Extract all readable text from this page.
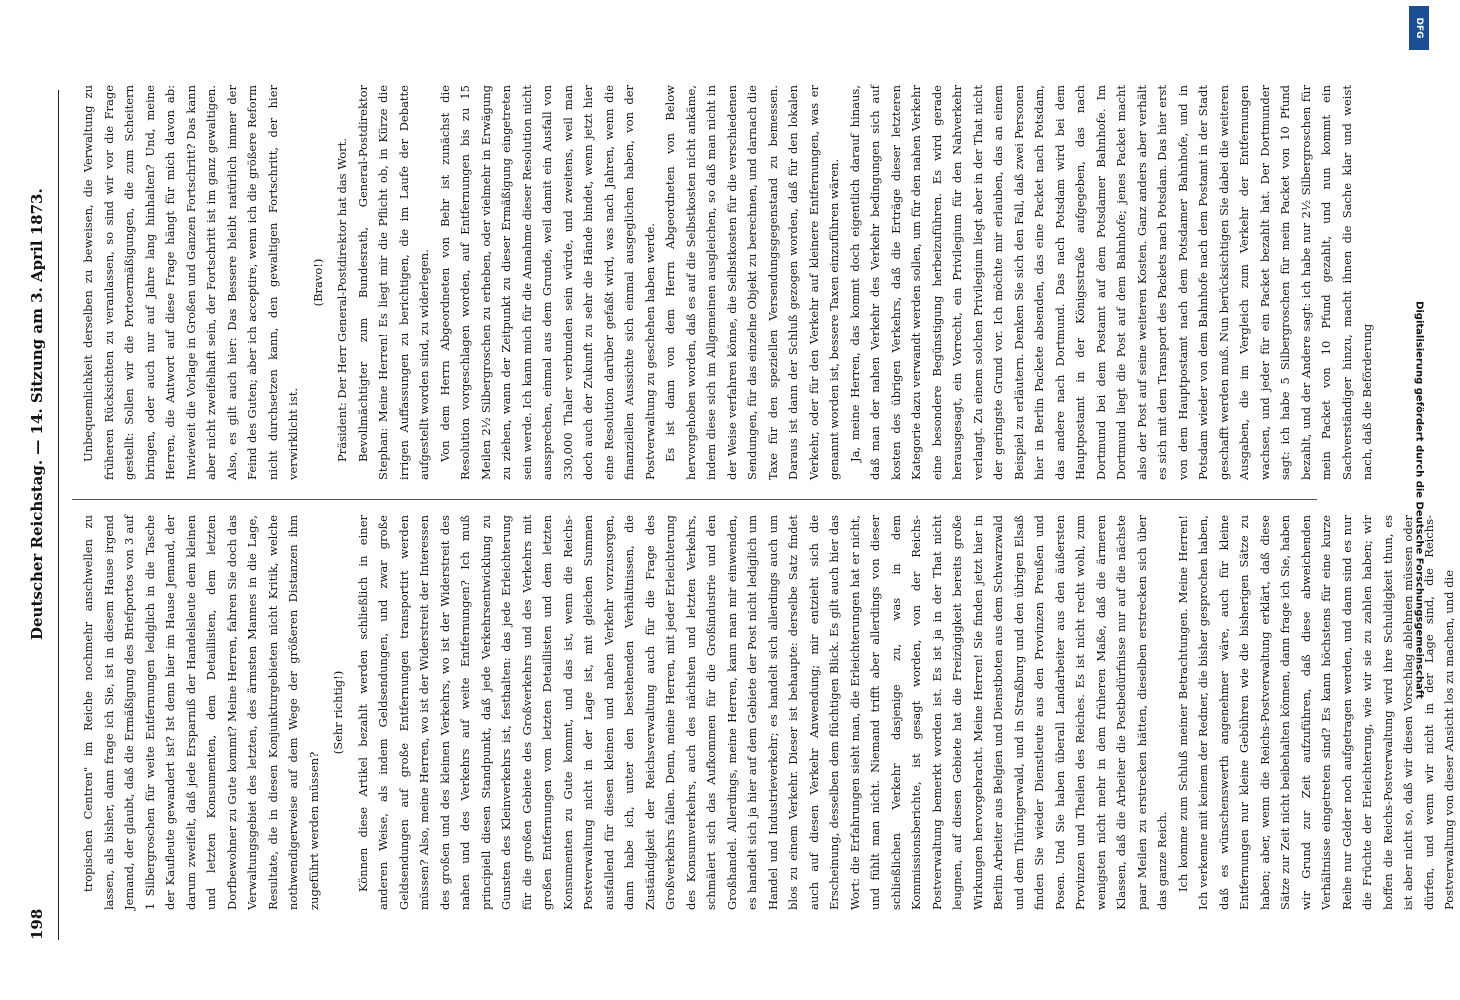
198
Deutscher Reichstag. — 14. Sitzung am 3. April 1873.

tropischen Centren" im Reiche nochmehr anschwellen zu lassen, als bisher, dann frage ich Sie, ist in diesem Hause irgend Jemand, der glaubt, daß die Ermäßigung des Briefportos von 3 auf 1 Silbergroschen für weite Entfernungen lediglich in die Tasche der Kaufleute gewandert ist? Ist denn hier im Hause Jemand, der darum zweifelt, daß jede Ersparniß der Handelsleute dem kleinen und letzten Konsumenten, dem Detaillisten, dem letzten Dorfbewohner zu Gute kommt? Meine Herren, fahren Sie doch das Verwaltungsgebiet des letzten, des ärmsten Mannes in die Lage, Resultate, die in diesen Konjunkturgebieten nicht Kritik, welche nothwendigerweise auf dem Wege der größeren Distanzen ihm zugeführt werden müssen?

(Sehr richtig!) Können diese Artikel bezahlt werden schließlich in einer anderen Weise, als indem Geldsendungen, und zwar große Geldsendungen auf große Entfernungen transportirt werden müssen? Also, meine Herren, wo ist der Widerstreit der Interessen des großen und des kleinen Verkehrs, wo ist der Widerstreit des nahen und des Verkehrs auf weite Entfernungen? Ich muß principiell diesen Standpunkt, daß jede Verkehrsentwicklung zu Gunsten des Kleinverkehrs ist, festhalten: das jede Erleichterung für die großen Gebiete des Großverkehrs und des Verkehrs mit großen Entfernungen vom letzten Detaillisten und dem letzten Konsumenten zu Gute kommt, und das ist, wenn die Reichs-Postverwaltung nicht in der Lage ist, mit gleichen Summen ausfallend für diesen kleinen und nahen Verkehr vorzusorgen, dann habe ich, unter den bestehenden Verhältnissen, die Zuständigkeit der Reichsverwaltung auch für die Frage des Großverkehrs fallen. Denn, meine Herren, mit jeder Erleichterung des Konsumverkehrs, auch des nächsten und letzten Verkehrs, schmälert sich das Aufkommen für die Großindustrie und den Großhandel. Allerdings, meine Herren, kann man mir einwenden, es handelt sich ja hier auf dem Gebiete der Post nicht lediglich um Handel und Industrieverkehr; es handelt sich allerdings auch um blos zu einem Verkehr. Dieser ist behaupte: derselbe Satz findet auch auf diesen Verkehr Anwendung; mir entzieht sich die Erscheinung, desselben dem flüchtigen Blick. Es gilt auch hier das Wort: die Erfahrungen sieht man, die Erleichterungen hat er nicht, und fühlt man nicht. Niemand trifft aber allerdings von dieser schließlichen Verkehr dasjenige zu, was in dem Kommissionsberichte, ist gesagt worden, von der Reichs-Postverwaltung bemerkt worden ist. Es ist ja in der That nicht leugnen, auf diesen Gebiete hat die Freizügigkeit bereits große Wirkungen hervorgebracht. Meine Herren! Sie finden jetzt hier in Berlin Arbeiter aus Belgien und Dienstboten aus dem Schwarzwald und dem Thüringerwald, und in Straßburg und den übrigen Elsaß finden Sie wieder Dienstleute aus den Provinzen Preußen und Posen. Und Sie haben überall Landarbeiter aus den äußersten Provinzen und Theilen des Reiches. Es ist nicht recht wohl, zum wenigsten nicht mehr in dem früheren Maße, daß die ärmeren Klassen, daß die Arbeiter die Postbedürfnisse nur auf die nächste paar Meilen zu erstrecken hätten, dieselben erstrecken sich über das ganze Reich. Ich komme zum Schluß meiner Betrachtungen. Meine Herren! Ich verkenne mit keinem der Redner, die bisher gesprochen haben, daß es wünschenswerth angenehmer wäre, auch für kleine Entfernungen nur kleine Gebühren wie die bisherigen Sätze zu haben; aber, wenn die Reichs-Postverwaltung erklärt, daß diese Sätze zur Zeit nicht beibehalten können, dann frage ich Sie, haben wir Grund zur Zeit aufzuführen, daß diese abweichenden Verhältnisse eingetreten sind? Es kann höchstens für eine kurze Reihe nur Gelder noch aufgetragen werden, und dann sind es nur die Früchte der Erleichterung, wie wir sie zu zahlen haben; wir hoffen die Reichs-Postverwaltung wird ihre Schuldigkeit thun, es ist aber nicht so, daß wir diesen Vorschlag ablehnen müssen oder dürfen, und wenn wir nicht in der Lage sind, die Reichs-Postverwaltung von dieser Ansicht los zu machen, und die

Unbequemlichkeit derselben zu beweisen, die Verwaltung zu früheren Rücksichten zu veranlassen, so sind wir vor die Frage gestellt: Sollen wir die Portoermäßigungen, die zum Scheitern bringen, oder auch nur auf Jahre lang hinhalten? Und, meine Herren, die Antwort auf diese Frage hängt für mich davon ab: Inwieweit die Vorlage in Großen und Ganzen Fortschritt? Das kann aber nicht zweifelhaft sein, der Fortschritt ist im ganz gewaltigen. Also, es gilt auch hier: Das Bessere bleibt natürlich immer der Feind des Guten; aber ich acceptire, wenn ich die größere Reform nicht durchsetzen kann, den gewaltigen Fortschritt, der hier verwirklicht ist.

(Bravo!) Präsident: Der Herr General-Postdirektor hat das Wort. Bevollmächtigter zum Bundesrath, General-Postdirektor Stephan: Meine Herren! Es liegt mir die Pflicht ob, in Kürze die irrigen Auffassungen zu berichtigen, die im Laufe der Debatte aufgestellt worden sind, zu widerlegen. Von dem Herrn Abgeordneten von Behr ist zunächst die Resolution vorgeschlagen worden, auf Entfernungen bis zu 15 Meilen 2½ Silbergroschen zu erheben, oder vielmehr in Erwägung zu ziehen, wann der Zeitpunkt zu dieser Ermäßigung eingetreten sein werde. Ich kann mich für die Annahme dieser Resolution nicht aussprechen, einmal aus dem Grunde, weil damit ein Ausfall von 330,000 Thaler verbunden sein würde, und zweitens, weil man doch auch der Zukunft zu sehr die Hände bindet, wenn jetzt hier eine Resolution darüber gefaßt wird, was nach Jahren, wenn die finanziellen Aussichte sich einmal ausgeglichen haben, von der Postverwaltung zu geschehen haben werde. Es ist dann von dem Herrn Abgeordneten von Below hervorgehoben worden, daß es auf die Selbstkosten nicht ankäme, indem diese sich im Allgemeinen ausgleichen, so daß man nicht in der Weise verfahren könne, die Selbstkosten für die verschiedenen Sendungen, für das einzelne Objekt zu berechnen, und darnach die Taxe für den speziellen Versendungsgegenstand zu bemessen. Daraus ist dann der Schluß gezogen worden, daß für den lokalen Verkehr, oder für den Verkehr auf kleinere Entfernungen, was er genannt worden ist, bessere Taxen einzuführen wären. Ja, meine Herren, das kommt doch eigentlich darauf hinaus, daß man der nahen Verkehr des Verkehr bedingungen sich auf kosten des übrigen Verkehrs, daß die Erträge dieser letzteren Kategorie dazu verwandt werden sollen, um für den nahen Verkehr eine besondere Begünstigung herbeizuführen. Es wird gerade herausgesagt, ein Vorrecht, ein Privilegium für den Nahverkehr verlangt. Zu einem solchen Privilegium liegt aber in der That nicht der geringste Grund vor. Ich möchte mir erlauben, das an einem Beispiel zu erläutern. Denken Sie sich den Fall, daß zwei Personen hier in Berlin Packete absenden, das eine Packet nach Potsdam, das andere nach Dortmund. Das nach Potsdam wird bei dem Hauptpostamt in der Königsstraße aufgegeben, das nach Dortmund bei dem Postamt auf dem Potsdamer Bahnhofe. Im Dortmund liegt die Post auf dem Bahnhofe; jenes Packet macht also der Post auf seine weiteren Kosten. Ganz anders aber verhält es sich mit dem Transport des Packets nach Potsdam. Das hier erst von dem Hauptpostamt nach dem Potsdamer Bahnhofe, und in Potsdam wieder von dem Bahnhofe nach dem Postamt in der Stadt geschafft werden muß. Nun berücksichtigen Sie dabei die weiteren Ausgaben, die im Vergleich zum Verkehr der Entfernungen wachsen, und jeder für ein Packet bezahlt hat. Der Dortmunder sagt: ich habe 5 Silbergroschen für mein Packet von 10 Pfund bezahlt, und der Andere sagt: ich habe nur 2½ Silbergroschen für mein Packet von 10 Pfund gezahlt, und nun kommt ein Sachverständiger hinzu, macht ihnen die Sache klar und weist nach, daß die Beförderung

DFG
Digitalisierung gefördert durch die Deutsche Forschungsgemeinschaft
